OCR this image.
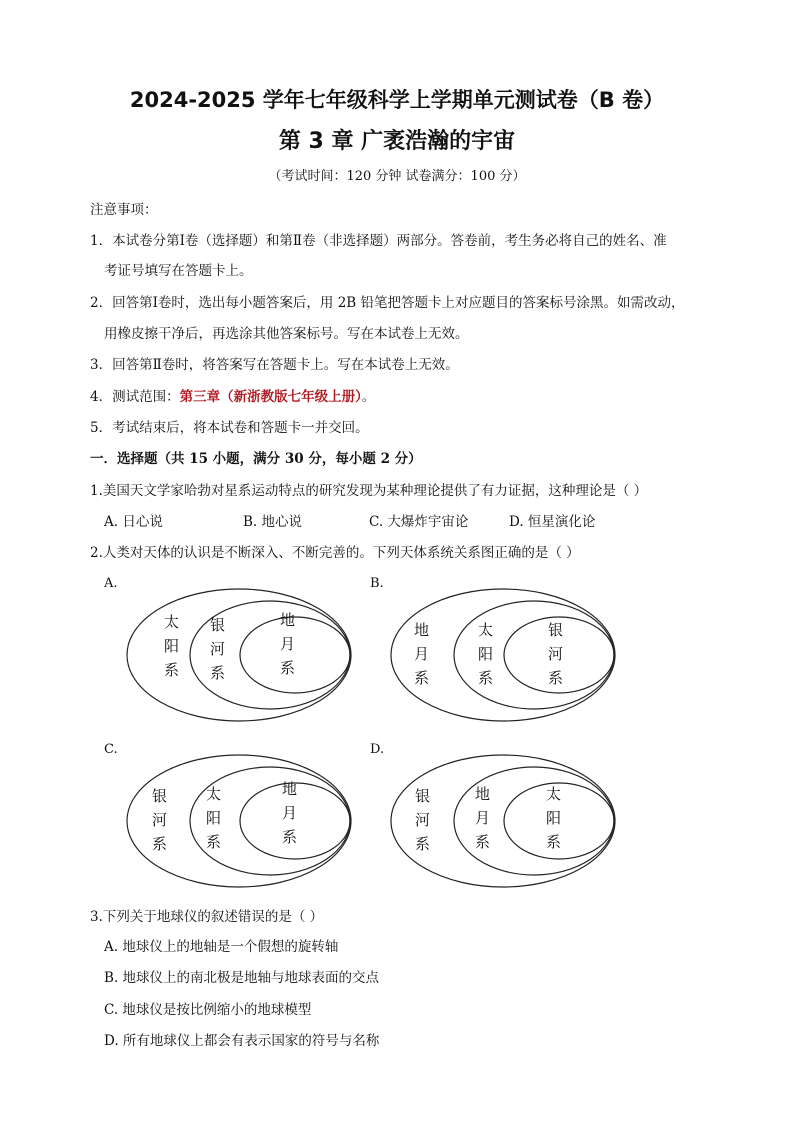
2024-2025 学年七年级科学上学期单元测试卷（B 卷）
第 3 章 广袤浩瀚的宇宙
（考试时间：120 分钟 试卷满分：100 分）
注意事项：
1．本试卷分第Ⅰ卷（选择题）和第Ⅱ卷（非选择题）两部分。答卷前，考生务必将自己的姓名、准
考证号填写在答题卡上。
2．回答第Ⅰ卷时，选出每小题答案后，用 2B 铅笔把答题卡上对应题目的答案标号涂黑。如需改动，
用橡皮擦干净后，再选涂其他答案标号。写在本试卷上无效。
3．回答第Ⅱ卷时，将答案写在答题卡上。写在本试卷上无效。
4．测试范围：第三章（新浙教版七年级上册）。
5．考试结束后，将本试卷和答题卡一并交回。
一．选择题（共 15 小题，满分 30 分，每小题 2 分）
1.美国天文学家哈勃对星系运动特点的研究发现为某种理论提供了有力证据，这种理论是（ ）
A. 日心说	B. 地心说	C. 大爆炸宇宙论	D. 恒星演化论
2.人类对天体的认识是不断深入、不断完善的。下列天体系统关系图正确的是（ ）
A.
太
阳
系
银
河
系
地
月
系
B.
地
月
系
太
阳
系
银
河
系
C.
银
河
系
太
阳
系
地
月
系
D.
银
河
系
地
月
系
太
阳
系
3.下列关于地球仪的叙述错误的是（ ）
A. 地球仪上的地轴是一个假想的旋转轴
B. 地球仪上的南北极是地轴与地球表面的交点
C. 地球仪是按比例缩小的地球模型
D. 所有地球仪上都会有表示国家的符号与名称
